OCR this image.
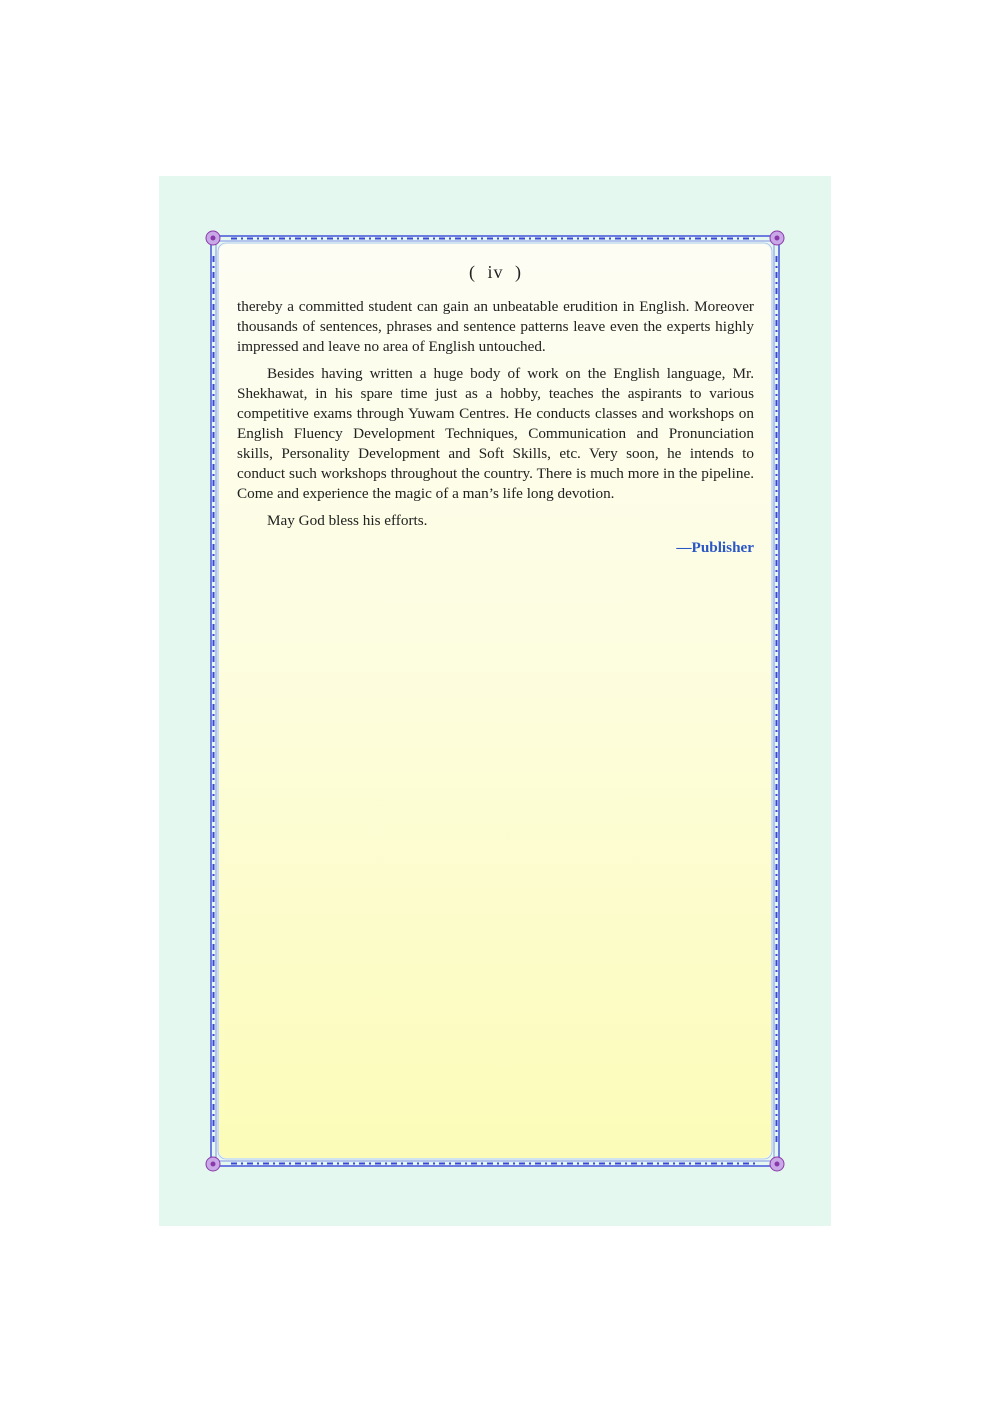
( iv )

thereby a committed student can gain an unbeatable erudition in English. Moreover thousands of sentences, phrases and sentence patterns leave even the experts highly impressed and leave no area of English untouched.

Besides having written a huge body of work on the English language, Mr. Shekhawat, in his spare time just as a hobby, teaches the aspirants to various competitive exams through Yuwam Centres. He conducts classes and workshops on English Fluency Development Techniques, Communication and Pronunciation skills, Personality Development and Soft Skills, etc. Very soon, he intends to conduct such workshops throughout the country. There is much more in the pipeline. Come and experience the magic of a man’s life long devotion.

May God bless his efforts.

—Publisher
